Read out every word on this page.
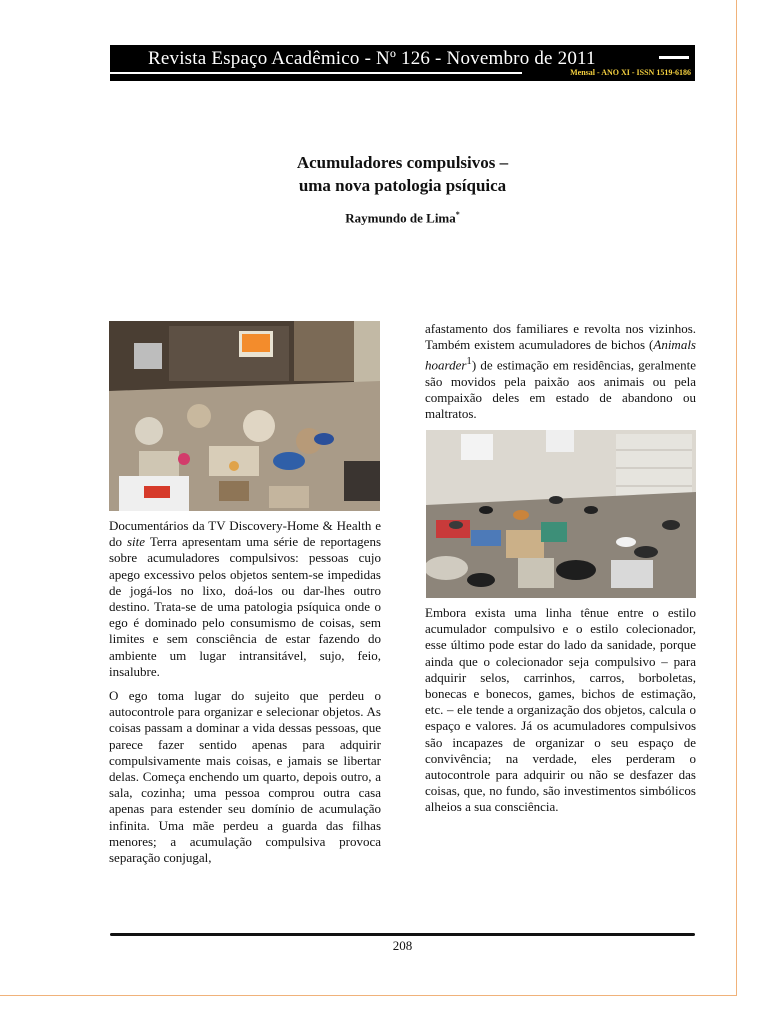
Revista Espaço Acadêmico - Nº 126 - Novembro de 2011
Mensal - ANO XI - ISSN 1519-6186
Acumuladores compulsivos –
uma nova patologia psíquica
Raymundo de Lima*

Documentários da TV Discovery-Home & Health e do site Terra apresentam uma série de reportagens sobre acumuladores compulsivos: pessoas cujo apego excessivo pelos objetos sentem-se impedidas de jogá-los no lixo, doá-los ou dar-lhes outro destino. Trata-se de uma patologia psíquica onde o ego é dominado pelo consumismo de coisas, sem limites e sem consciência de estar fazendo do ambiente um lugar intransitável, sujo, feio, insalubre.

O ego toma lugar do sujeito que perdeu o autocontrole para organizar e selecionar objetos. As coisas passam a dominar a vida dessas pessoas, que parece fazer sentido apenas para adquirir compulsivamente mais coisas, e jamais se libertar delas. Começa enchendo um quarto, depois outro, a sala, cozinha; uma pessoa comprou outra casa apenas para estender seu domínio de acumulação infinita. Uma mãe perdeu a guarda das filhas menores; a acumulação compulsiva provoca separação conjugal,

afastamento dos familiares e revolta nos vizinhos. Também existem acumuladores de bichos (Animals hoarder$^1$) de estimação em residências, geralmente são movidos pela paixão aos animais ou pela compaixão deles em estado de abandono ou maltratos.

Embora exista uma linha tênue entre o estilo acumulador compulsivo e o estilo colecionador, esse último pode estar do lado da sanidade, porque ainda que o colecionador seja compulsivo – para adquirir selos, carrinhos, carros, borboletas, bonecas e bonecos, games, bichos de estimação, etc. – ele tende a organização dos objetos, calcula o espaço e valores. Já os acumuladores compulsivos são incapazes de organizar o seu espaço de convivência; na verdade, eles perderam o autocontrole para adquirir ou não se desfazer das coisas, que, no fundo, são investimentos simbólicos alheios a sua consciência.

208
